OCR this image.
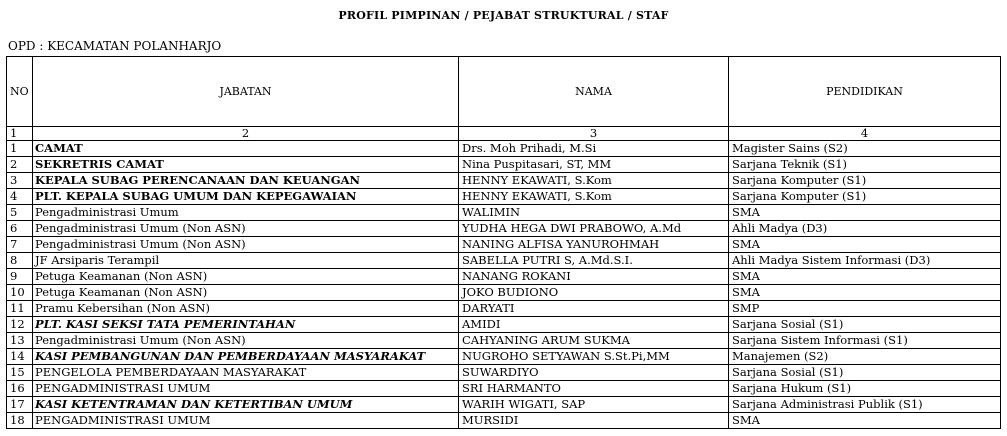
PROFIL PIMPINAN / PEJABAT STRUKTURAL / STAF
OPD : KECAMATAN POLANHARJO
NO	JABATAN	NAMA	PENDIDIKAN
1	2	3	4
1	CAMAT	Drs. Moh Prihadi, M.Si	Magister Sains (S2)
2	SEKRETRIS CAMAT	Nina Puspitasari, ST, MM	Sarjana Teknik (S1)
3	KEPALA SUBAG PERENCANAAN DAN KEUANGAN	HENNY EKAWATI, S.Kom	Sarjana Komputer (S1)
4	PLT. KEPALA SUBAG UMUM DAN KEPEGAWAIAN	HENNY EKAWATI, S.Kom	Sarjana Komputer (S1)
5	Pengadministrasi Umum	WALIMIN	SMA
6	Pengadministrasi Umum (Non ASN)	YUDHA HEGA DWI PRABOWO, A.Md	Ahli Madya (D3)
7	Pengadministrasi Umum (Non ASN)	NANING ALFISA YANUROHMAH	SMA
8	JF Arsiparis Terampil	SABELLA PUTRI S, A.Md.S.I.	Ahli Madya Sistem Informasi (D3)
9	Petuga Keamanan (Non ASN)	NANANG ROKANI	SMA
10	Petuga Keamanan (Non ASN)	JOKO BUDIONO	SMA
11	Pramu Kebersihan (Non ASN)	DARYATI	SMP
12	PLT. KASI SEKSI TATA PEMERINTAHAN	AMIDI	Sarjana Sosial (S1)
13	Pengadministrasi Umum (Non ASN)	CAHYANING ARUM SUKMA	Sarjana Sistem Informasi (S1)
14	KASI PEMBANGUNAN DAN PEMBERDAYAAN MASYARAKAT	NUGROHO SETYAWAN S.St.Pi,MM	Manajemen (S2)
15	PENGELOLA PEMBERDAYAAN MASYARAKAT	SUWARDIYO	Sarjana Sosial (S1)
16	PENGADMINISTRASI UMUM	SRI HARMANTO	Sarjana Hukum (S1)
17	KASI KETENTRAMAN DAN KETERTIBAN UMUM	WARIH WIGATI, SAP	Sarjana Administrasi Publik (S1)
18	PENGADMINISTRASI UMUM	MURSIDI	SMA
